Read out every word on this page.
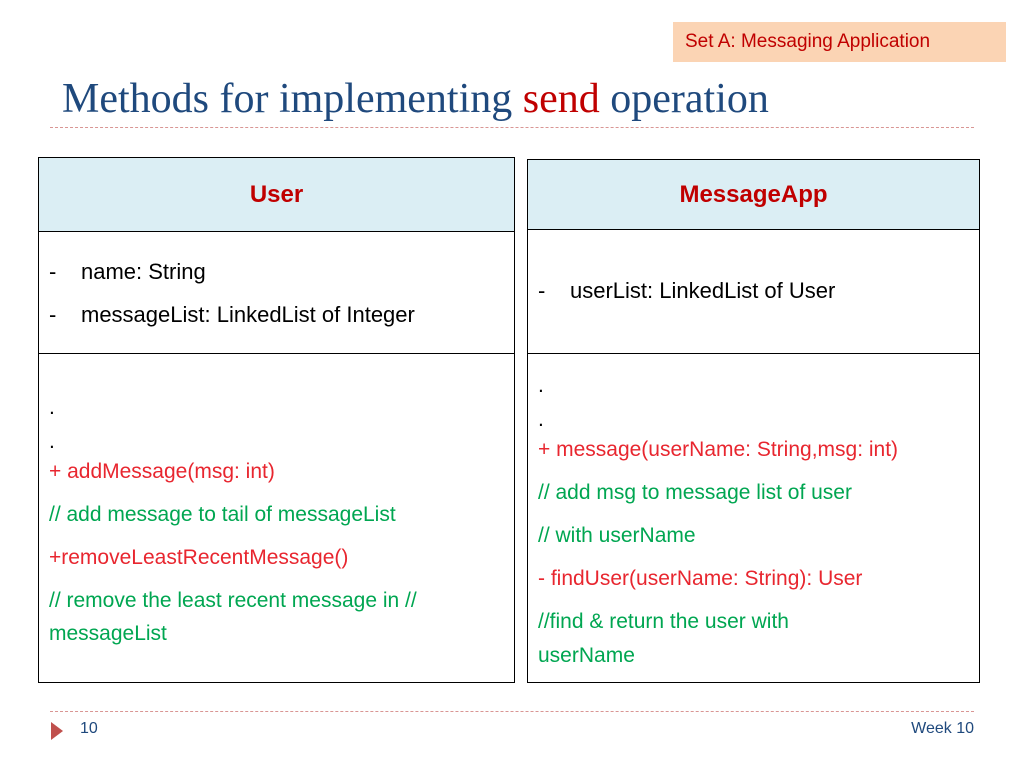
Set A: Messaging Application
Methods for implementing send operation
User
- name: String
- messageList: LinkedList of Integer
.
.
+ addMessage(msg: int)
// add message to tail of messageList
+removeLeastRecentMessage()
// remove the least recent message in //
messageList
MessageApp
- userList: LinkedList of User
.
.
+ message(userName: String,msg: int)
// add msg to message list of user
// with userName
- findUser(userName: String): User
//find & return the user with
userName
10	Week 10
